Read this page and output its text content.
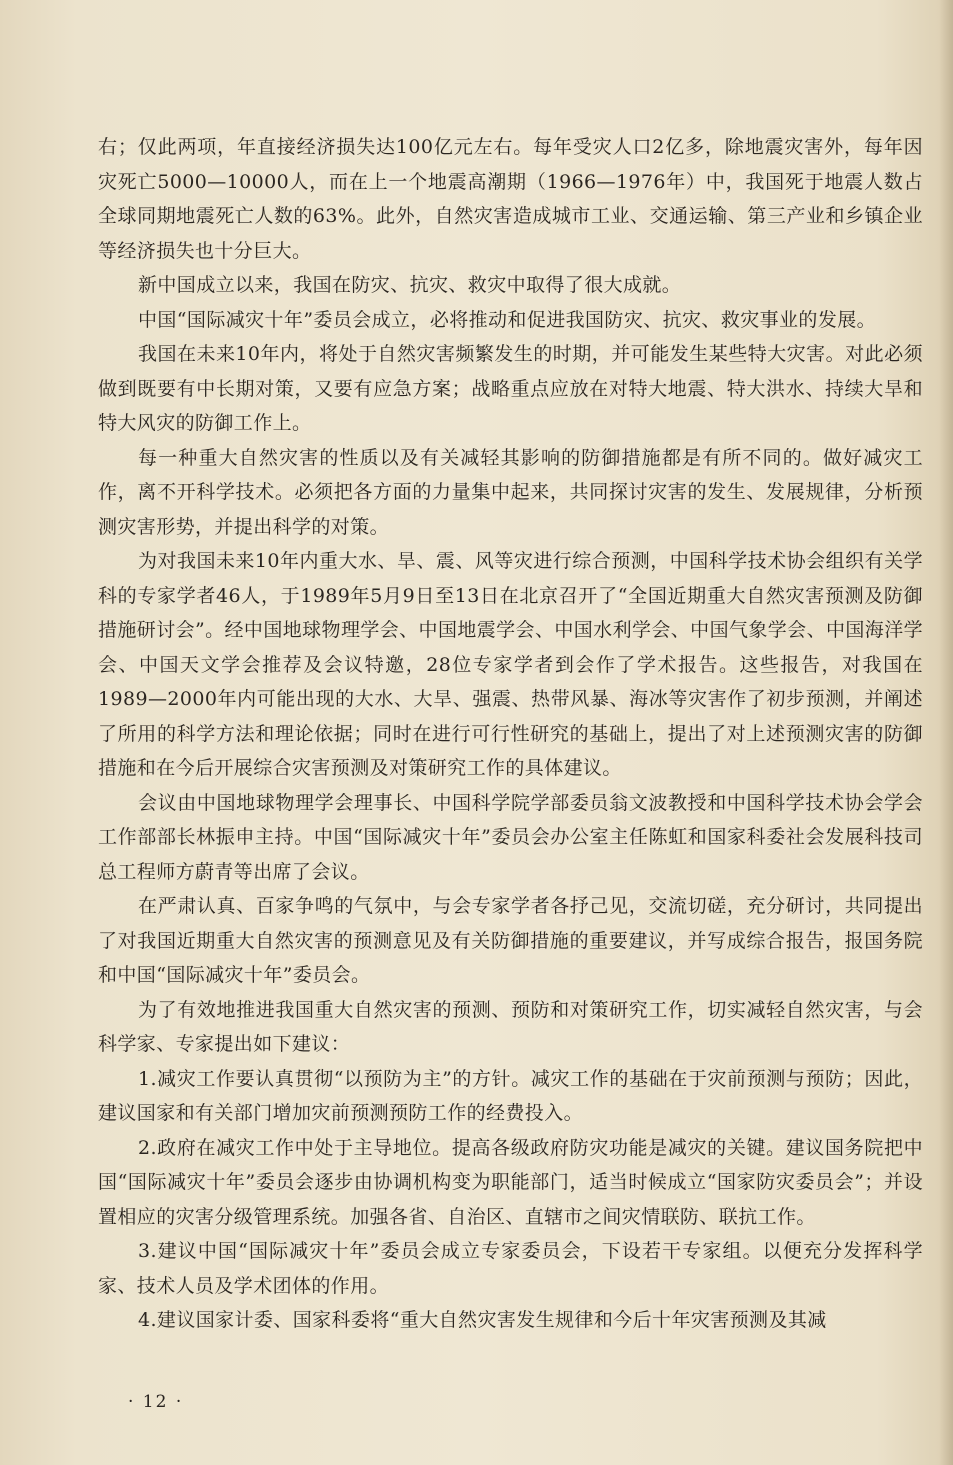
右；仅此两项，年直接经济损失达100亿元左右。每年受灾人口2亿多，除地震灾害外，每年因灾死亡5000—10000人，而在上一个地震高潮期（1966—1976年）中，我国死于地震人数占全球同期地震死亡人数的63%。此外，自然灾害造成城市工业、交通运输、第三产业和乡镇企业等经济损失也十分巨大。

新中国成立以来，我国在防灾、抗灾、救灾中取得了很大成就。

中国“国际减灾十年”委员会成立，必将推动和促进我国防灾、抗灾、救灾事业的发展。

我国在未来10年内，将处于自然灾害频繁发生的时期，并可能发生某些特大灾害。对此必须做到既要有中长期对策，又要有应急方案；战略重点应放在对特大地震、特大洪水、持续大旱和特大风灾的防御工作上。

每一种重大自然灾害的性质以及有关减轻其影响的防御措施都是有所不同的。做好减灾工作，离不开科学技术。必须把各方面的力量集中起来，共同探讨灾害的发生、发展规律，分析预测灾害形势，并提出科学的对策。

为对我国未来10年内重大水、旱、震、风等灾进行综合预测，中国科学技术协会组织有关学科的专家学者46人，于1989年5月9日至13日在北京召开了“全国近期重大自然灾害预测及防御措施研讨会”。经中国地球物理学会、中国地震学会、中国水利学会、中国气象学会、中国海洋学会、中国天文学会推荐及会议特邀，28位专家学者到会作了学术报告。这些报告，对我国在1989—2000年内可能出现的大水、大旱、强震、热带风暴、海冰等灾害作了初步预测，并阐述了所用的科学方法和理论依据；同时在进行可行性研究的基础上，提出了对上述预测灾害的防御措施和在今后开展综合灾害预测及对策研究工作的具体建议。

会议由中国地球物理学会理事长、中国科学院学部委员翁文波教授和中国科学技术协会学会工作部部长林振申主持。中国“国际减灾十年”委员会办公室主任陈虹和国家科委社会发展科技司总工程师方蔚青等出席了会议。

在严肃认真、百家争鸣的气氛中，与会专家学者各抒己见，交流切磋，充分研讨，共同提出了对我国近期重大自然灾害的预测意见及有关防御措施的重要建议，并写成综合报告，报国务院和中国“国际减灾十年”委员会。

为了有效地推进我国重大自然灾害的预测、预防和对策研究工作，切实减轻自然灾害，与会科学家、专家提出如下建议：

1.减灾工作要认真贯彻“以预防为主”的方针。减灾工作的基础在于灾前预测与预防；因此，建议国家和有关部门增加灾前预测预防工作的经费投入。

2.政府在减灾工作中处于主导地位。提高各级政府防灾功能是减灾的关键。建议国务院把中国“国际减灾十年”委员会逐步由协调机构变为职能部门，适当时候成立“国家防灾委员会”；并设置相应的灾害分级管理系统。加强各省、自治区、直辖市之间灾情联防、联抗工作。

3.建议中国“国际减灾十年”委员会成立专家委员会，下设若干专家组。以便充分发挥科学家、技术人员及学术团体的作用。

4.建议国家计委、国家科委将“重大自然灾害发生规律和今后十年灾害预测及其减

· 12 ·
